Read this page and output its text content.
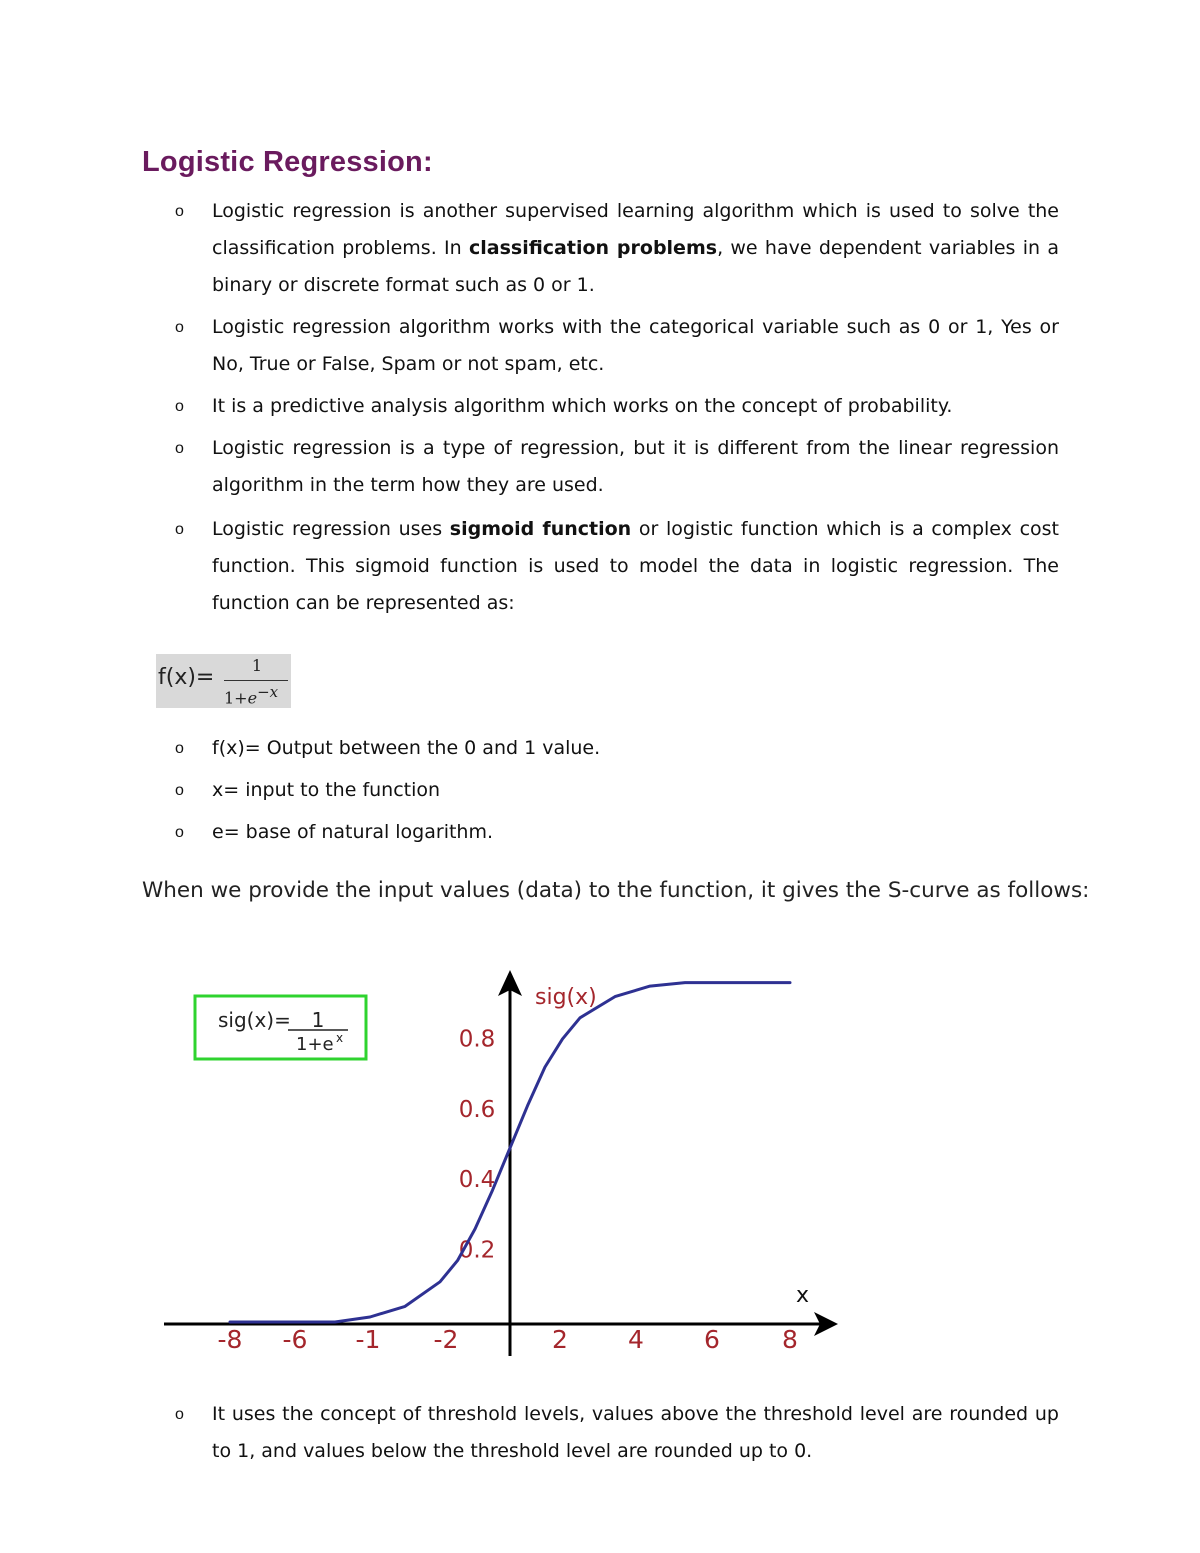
Logistic Regression:
o Logistic regression is another supervised learning algorithm which is used to solve the classification problems. In classification problems, we have dependent variables in a binary or discrete format such as 0 or 1.

o Logistic regression algorithm works with the categorical variable such as 0 or 1, Yes or No, True or False, Spam or not spam, etc.

o It is a predictive analysis algorithm which works on the concept of probability.

o Logistic regression is a type of regression, but it is different from the linear regression algorithm in the term how they are used.

o Logistic regression uses sigmoid function or logistic function which is a complex cost function. This sigmoid function is used to model the data in logistic regression. The function can be represented as:

f(x)=	1
$1+e^{-x}$
o f(x)= Output between the 0 and 1 value.

o x= input to the function

o e= base of natural logarithm.

When we provide the input values (data) to the function, it gives the S-curve as follows:

-8 -6 -1 -2	2 4 6 8
0.2
0.4
0.6
0.8
sig(x)
x
sig(x)= 1
1+e x
o It uses the concept of threshold levels, values above the threshold level are rounded up to 1, and values below the threshold level are rounded up to 0.
